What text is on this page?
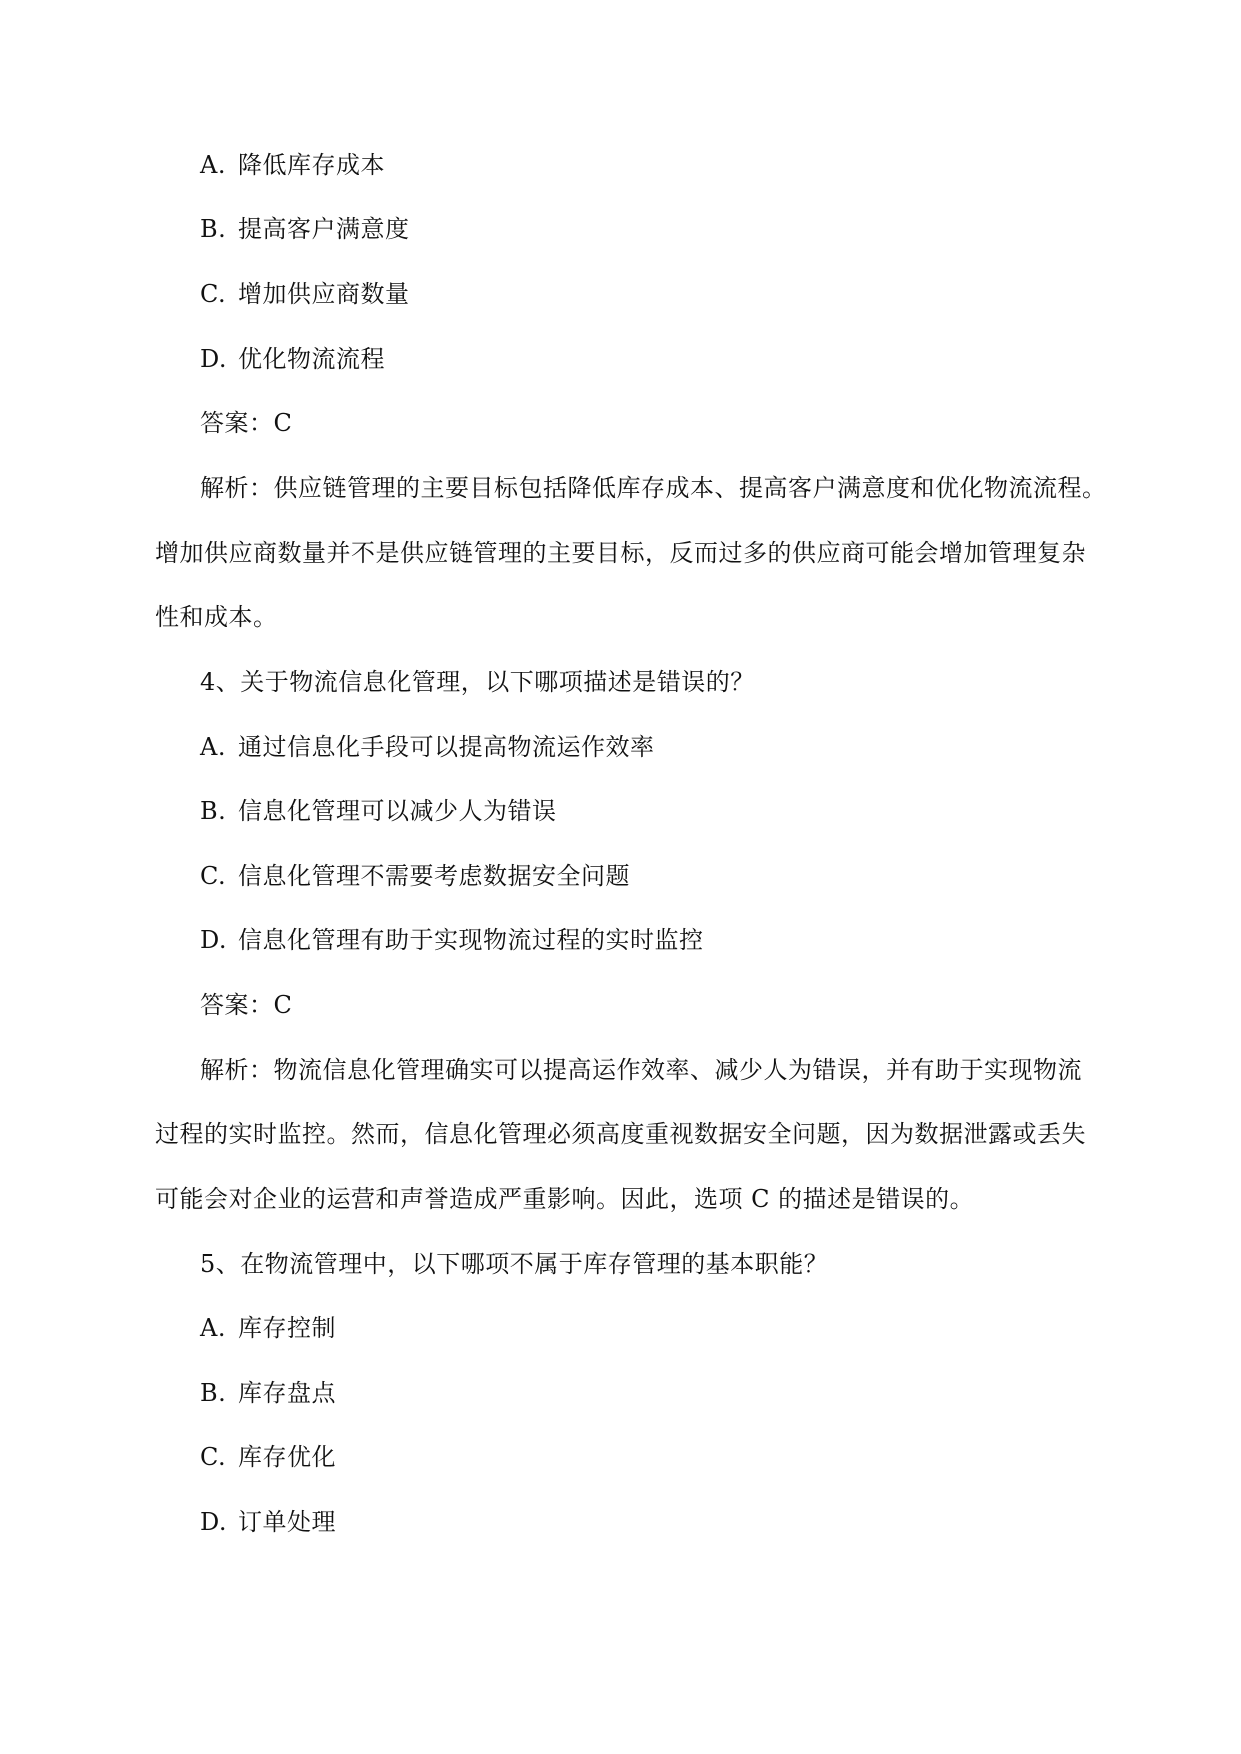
A. 降低库存成本
B. 提高客户满意度
C. 增加供应商数量
D. 优化物流流程
答案：C
解析：供应链管理的主要目标包括降低库存成本、提高客户满意度和优化物流流程。
增加供应商数量并不是供应链管理的主要目标，反而过多的供应商可能会增加管理复杂
性和成本。
4、关于物流信息化管理，以下哪项描述是错误的？
A. 通过信息化手段可以提高物流运作效率
B. 信息化管理可以减少人为错误
C. 信息化管理不需要考虑数据安全问题
D. 信息化管理有助于实现物流过程的实时监控
答案：C
解析：物流信息化管理确实可以提高运作效率、减少人为错误，并有助于实现物流
过程的实时监控。然而，信息化管理必须高度重视数据安全问题，因为数据泄露或丢失
可能会对企业的运营和声誉造成严重影响。因此，选项 C 的描述是错误的。
5、在物流管理中，以下哪项不属于库存管理的基本职能？
A. 库存控制
B. 库存盘点
C. 库存优化
D. 订单处理
